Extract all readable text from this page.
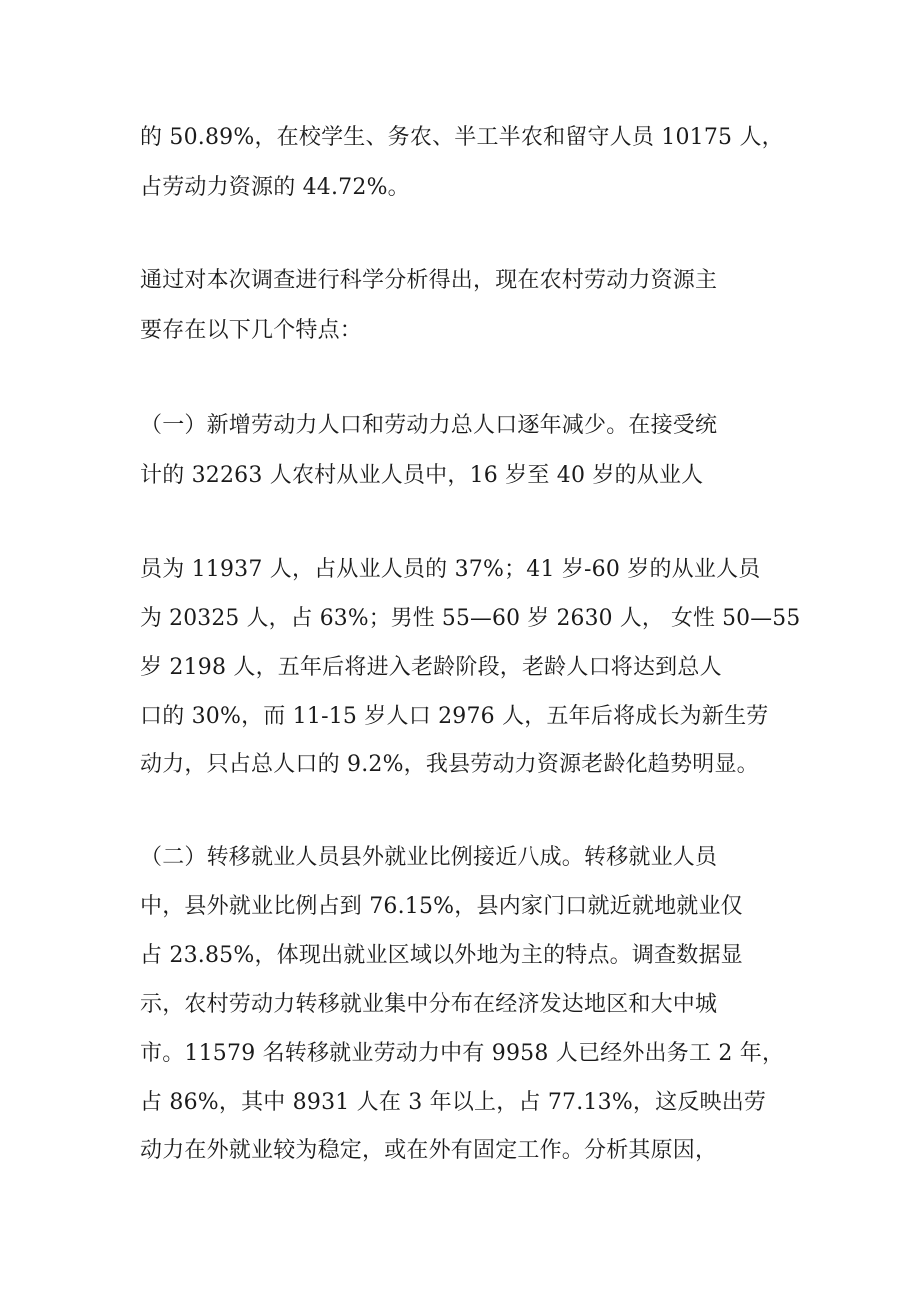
的 50.89%，在校学生、务农、半工半农和留守人员 10175 人，

占劳动力资源的 44.72%。

通过对本次调查进行科学分析得出，现在农村劳动力资源主

要存在以下几个特点：

（一）新增劳动力人口和劳动力总人口逐年减少。在接受统

计的 32263 人农村从业人员中，16 岁至 40 岁的从业人

员为 11937 人，占从业人员的 37%；41 岁-60 岁的从业人员

为 20325 人，占 63%；男性 55—60 岁 2630 人， 女性 50—55

岁 2198 人，五年后将进入老龄阶段，老龄人口将达到总人

口的 30%，而 11-15 岁人口 2976 人，五年后将成长为新生劳

动力，只占总人口的 9.2%，我县劳动力资源老龄化趋势明显。

（二）转移就业人员县外就业比例接近八成。转移就业人员

中，县外就业比例占到 76.15%，县内家门口就近就地就业仅

占 23.85%，体现出就业区域以外地为主的特点。调查数据显

示，农村劳动力转移就业集中分布在经济发达地区和大中城

市。11579 名转移就业劳动力中有 9958 人已经外出务工 2 年，

占 86%，其中 8931 人在 3 年以上，占 77.13%，这反映出劳

动力在外就业较为稳定，或在外有固定工作。分析其原因，
